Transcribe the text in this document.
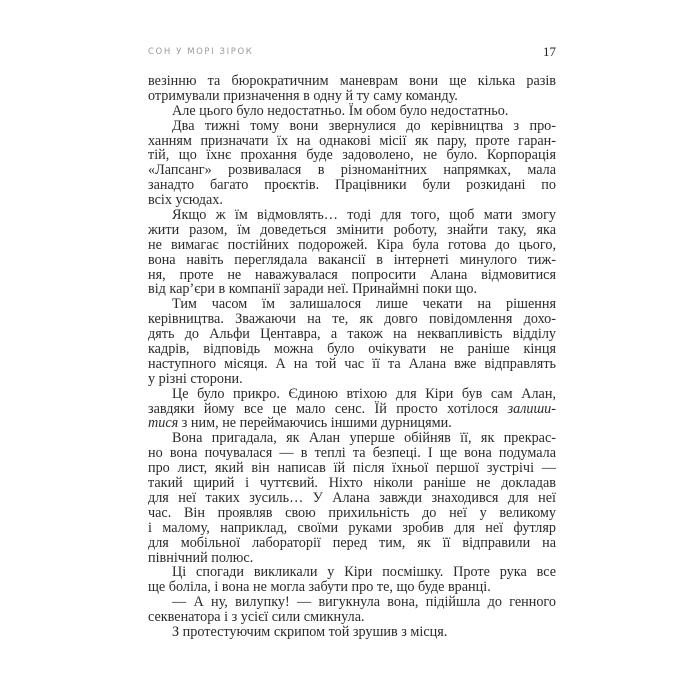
СОН У МОРІ ЗІРОК	17
везінню та бюрократичним маневрам вони ще кілька разів
отримували призначення в одну й ту саму команду.
Але цього було недостатньо. Їм обом було недостатньо.
Два тижні тому вони звернулися до керівництва з про-
ханням призначати їх на однакові місії як пару, проте гаран-
тій, що їхнє прохання буде задоволено, не було. Корпорація
«Лапсанг» розвивалася в різноманітних напрямках, мала
занадто багато проєктів. Працівники були розкидані по
всіх усюдах.
Якщо ж їм відмовлять… тоді для того, щоб мати змогу
жити разом, їм доведеться змінити роботу, знайти таку, яка
не вимагає постійних подорожей. Кіра була готова до цього,
вона навіть переглядала вакансії в інтернеті минулого тиж-
ня, проте не наважувалася попросити Алана відмовитися
від кар’єри в компанії заради неї. Принаймні поки що.
Тим часом їм залишалося лише чекати на рішення
керівництва. Зважаючи на те, як довго повідомлення дохо-
дять до Альфи Центавра, а також на неквапливість відділу
кадрів, відповідь можна було очікувати не раніше кінця
наступного місяця. А на той час її та Алана вже відправлять
у різні сторони.
Це було прикро. Єдиною втіхою для Кіри був сам Алан,
завдяки йому все це мало сенс. Їй просто хотілося залиши-
тися з ним, не переймаючись іншими дурницями.
Вона пригадала, як Алан уперше обійняв її, як прекрас-
но вона почувалася — в теплі та безпеці. І ще вона подумала
про лист, який він написав їй після їхньої першої зустрічі —
такий щирий і чуттєвий. Ніхто ніколи раніше не докладав
для неї таких зусиль… У Алана завжди знаходився для неї
час. Він проявляв свою прихильність до неї у великому
і малому, наприклад, своїми руками зробив для неї футляр
для мобільної лабораторії перед тим, як її відправили на
північний полюс.
Ці спогади викликали у Кіри посмішку. Проте рука все
ще боліла, і вона не могла забути про те, що буде вранці.
— А ну, вилупку! — вигукнула вона, підійшла до генного
секвенатора і з усієї сили смикнула.
З протестуючим скрипом той зрушив з місця.
